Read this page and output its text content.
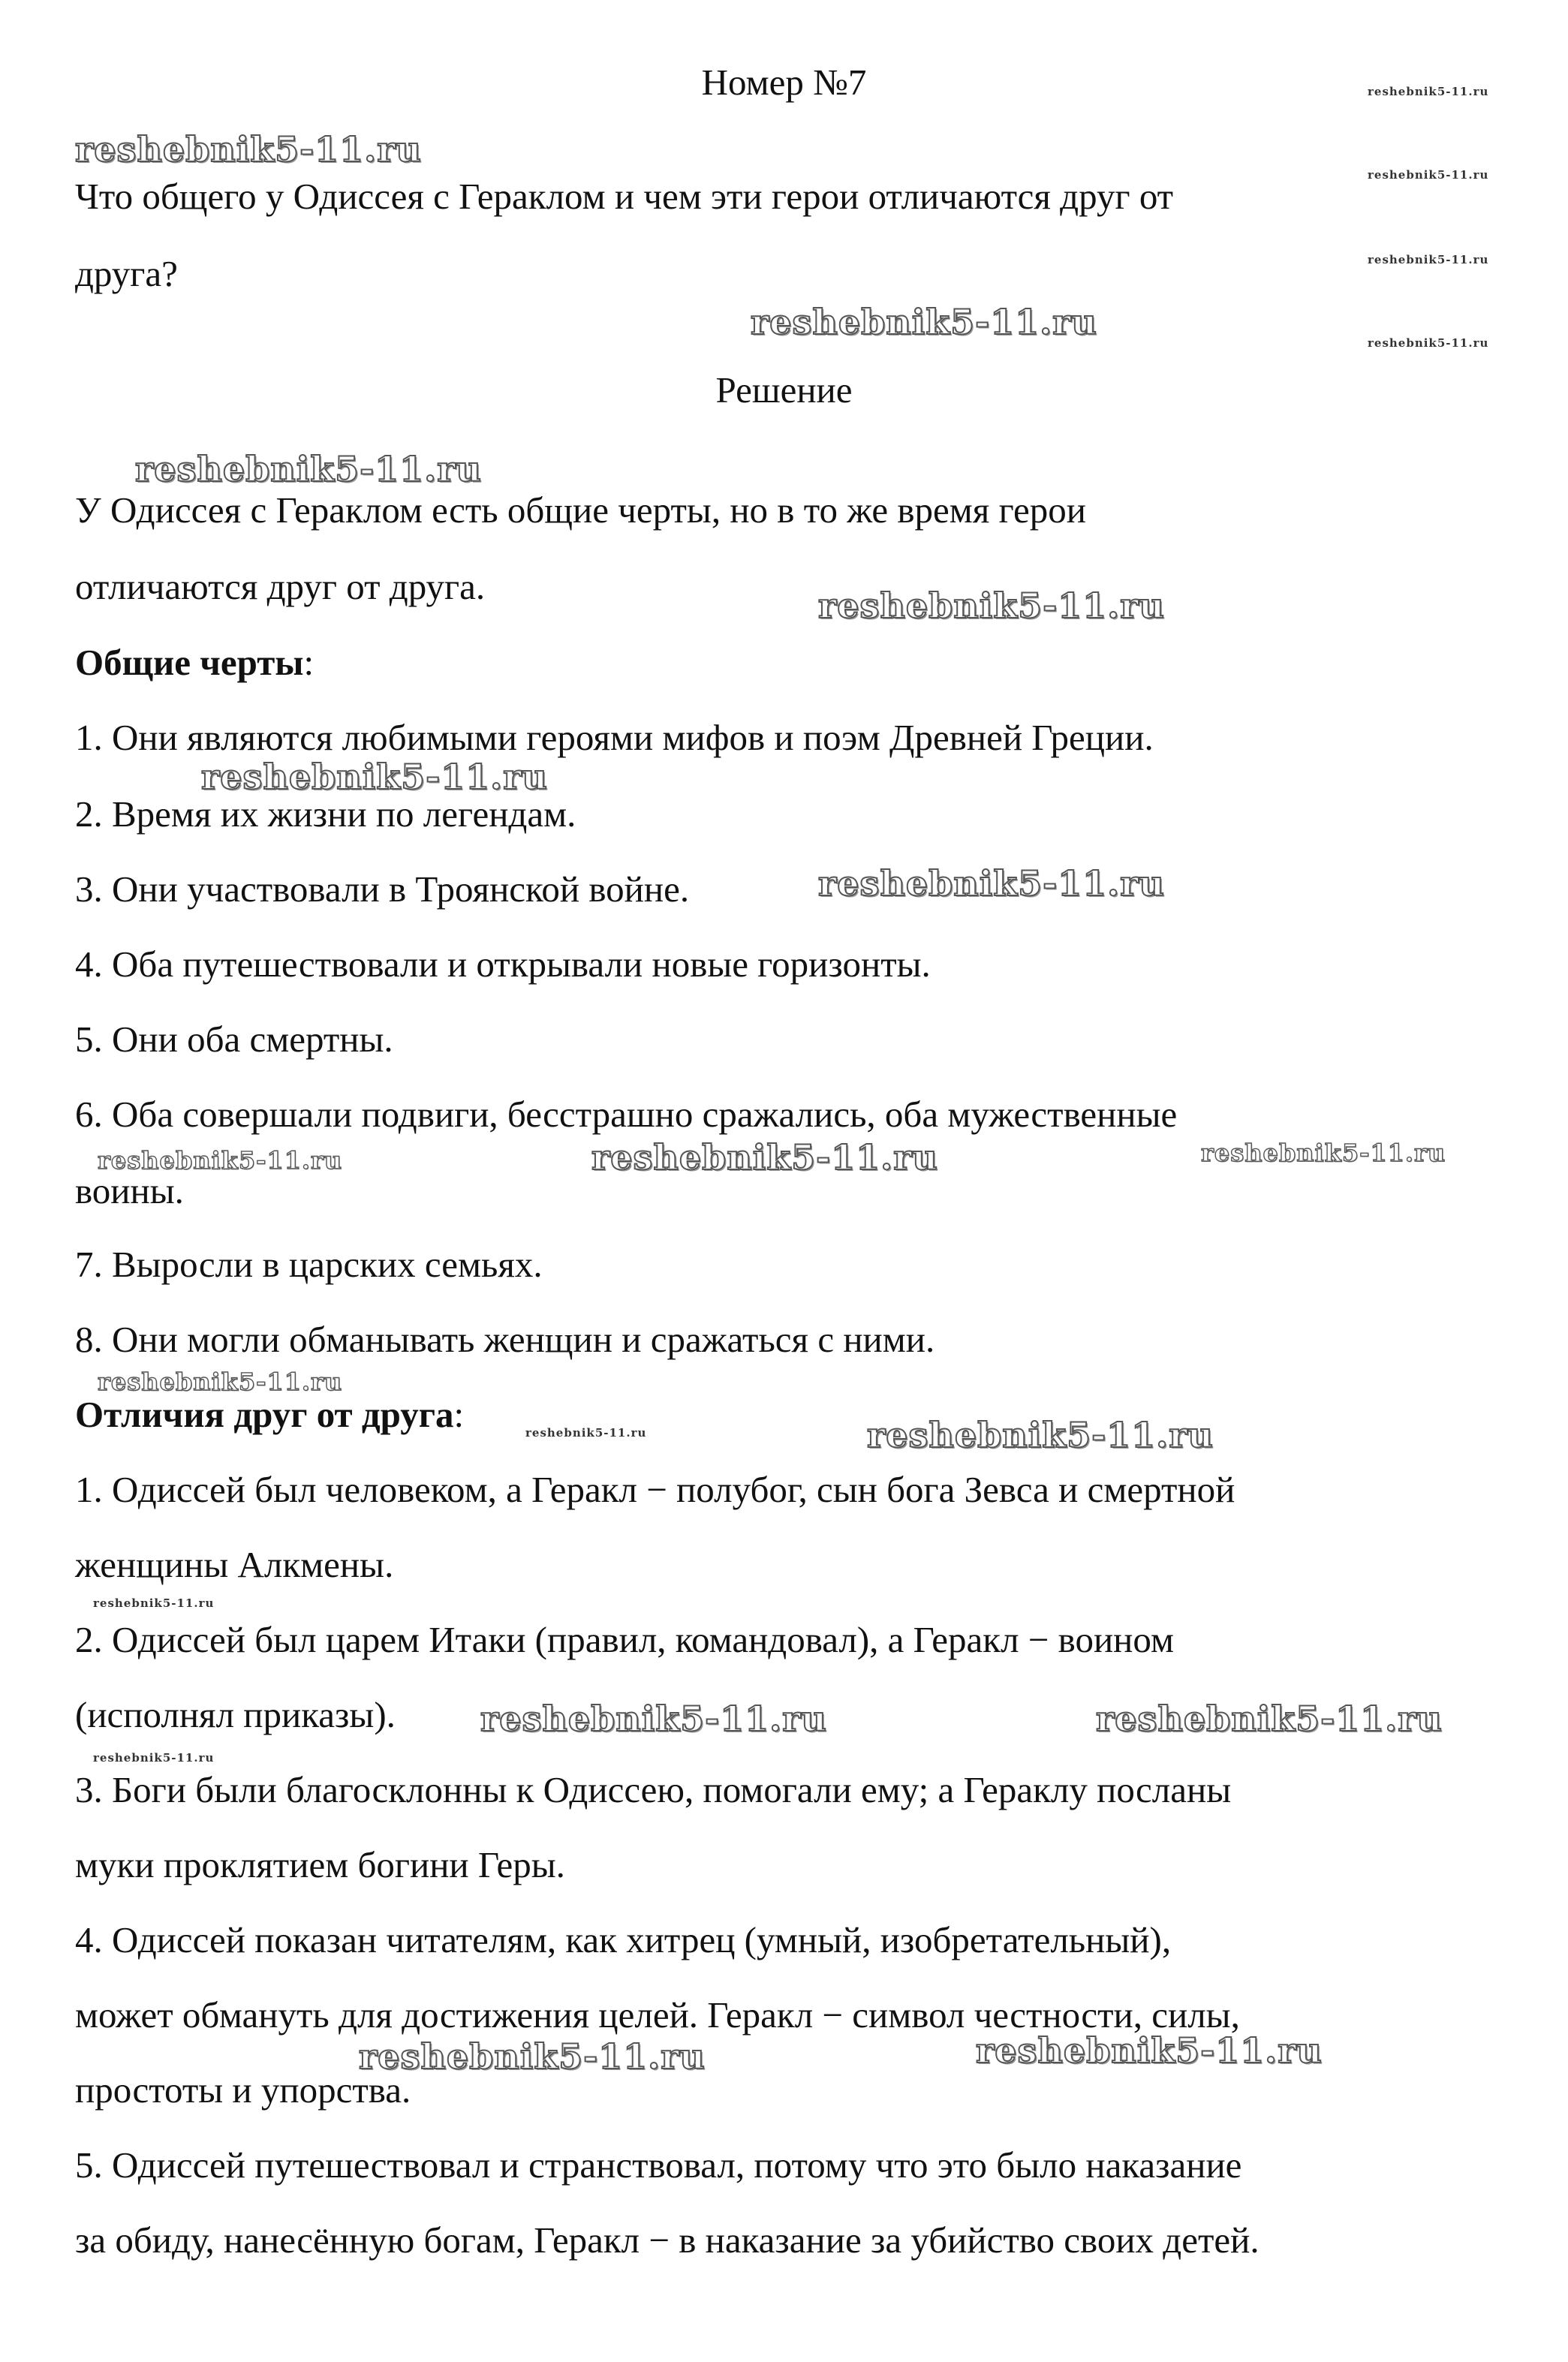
Номер №7

Что общего у Одиссея с Гераклом и чем эти герои отличаются друг от

друга?

Решение

У Одиссея с Гераклом есть общие черты, но в то же время герои

отличаются друг от друга.

Общие черты:

1. Они являются любимыми героями мифов и поэм Древней Греции.

2. Время их жизни по легендам.

3. Они участвовали в Троянской войне.

4. Оба путешествовали и открывали новые горизонты.

5. Они оба смертны.

6. Оба совершали подвиги, бесстрашно сражались, оба мужественные

воины.

7. Выросли в царских семьях.

8. Они могли обманывать женщин и сражаться с ними.

Отличия друг от друга:

1. Одиссей был человеком, а Геракл − полубог, сын бога Зевса и смертной

женщины Алкмены.

2. Одиссей был царем Итаки (правил, командовал), а Геракл − воином

(исполнял приказы).

3. Боги были благосклонны к Одиссею, помогали ему; а Гераклу посланы

муки проклятием богини Геры.

4. Одиссей показан читателям, как хитрец (умный, изобретательный),

может обмануть для достижения целей. Геракл − символ честности, силы,

простоты и упорства.

5. Одиссей путешествовал и странствовал, потому что это было наказание

за обиду, нанесённую богам, Геракл − в наказание за убийство своих детей.

reshebnik5-11.ru
reshebnik5-11.ru
reshebnik5-11.ru
reshebnik5-11.ru
reshebnik5-11.ru
reshebnik5-11.ru
reshebnik5-11.ru
reshebnik5-11.ru
reshebnik5-11.ru	reshebnik5-11.ru
reshebnik5-11.ru	reshebnik5-11.ru
reshebnik5-11.ru	reshebnik5-11.ru
reshebnik5-11.ru
reshebnik5-11.ru
reshebnik5-11.ru
reshebnik5-11.ru
reshebnik5-11.ru
reshebnik5-11.ru
reshebnik5-11.ru
reshebnik5-11.ru
